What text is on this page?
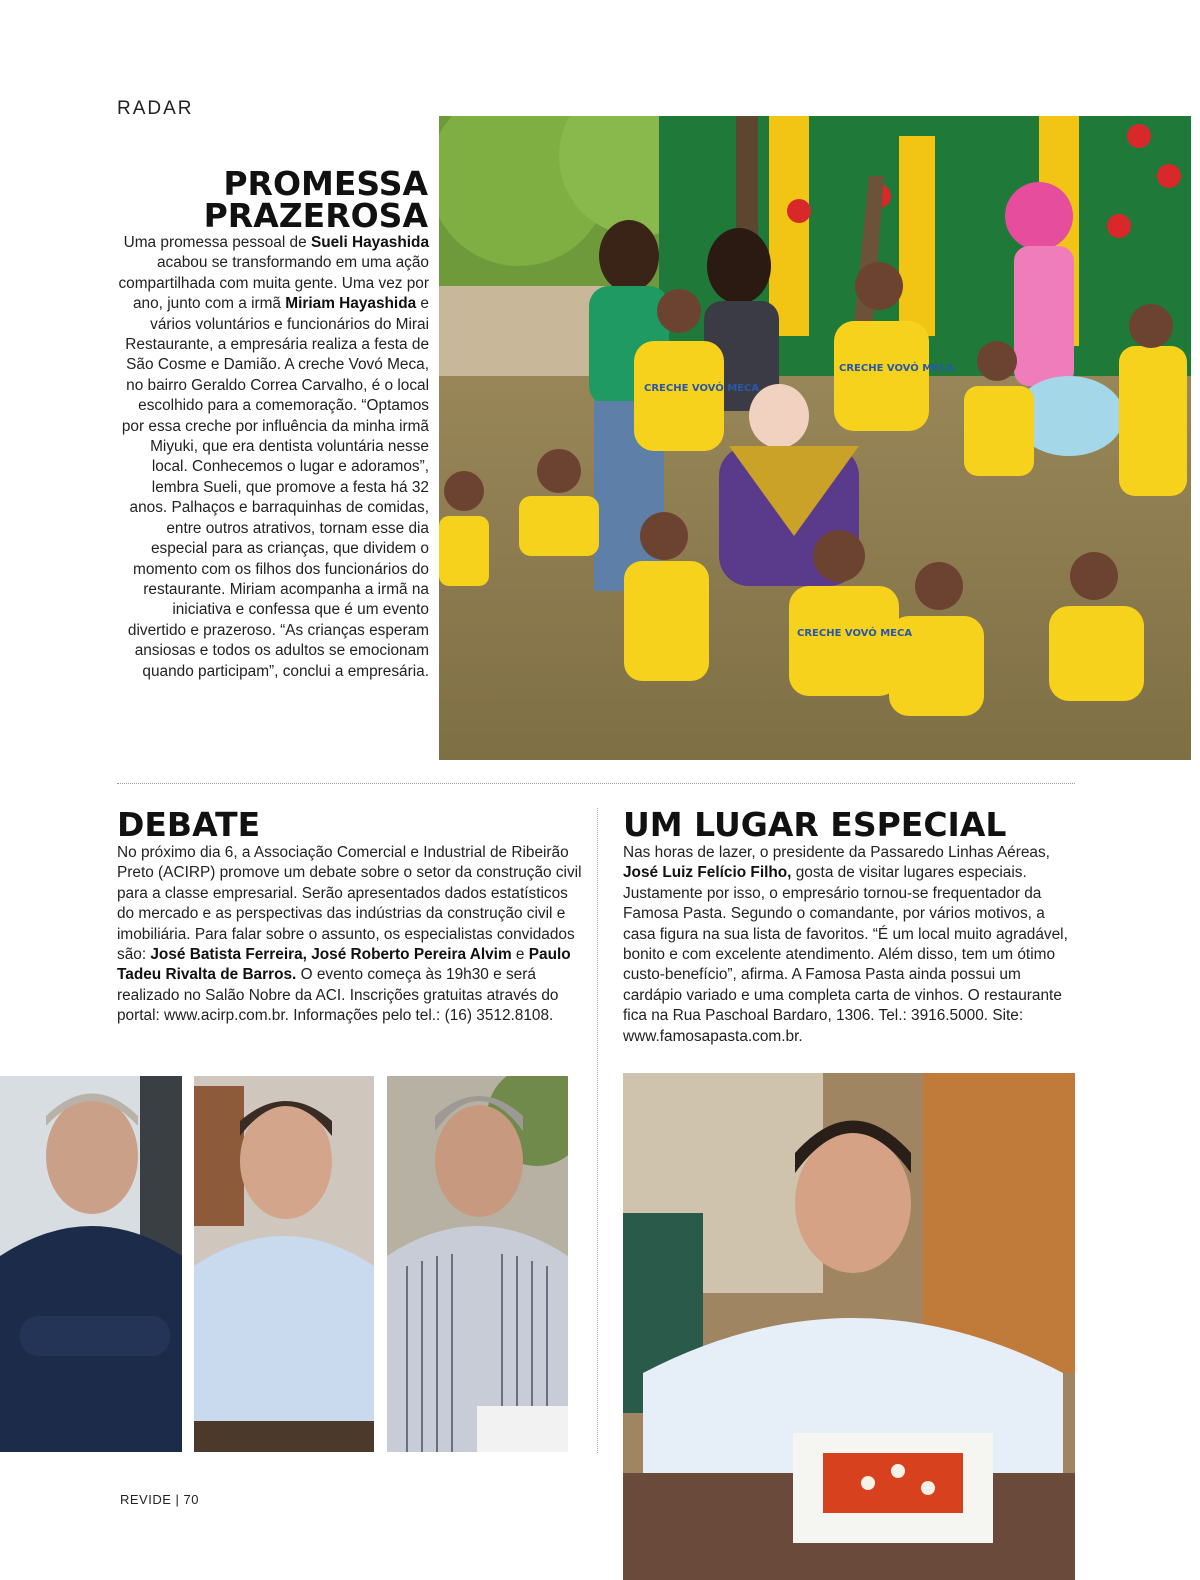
RADAR
PROMESSA
PRAZEROSA
Uma promessa pessoal de Sueli Hayashida acabou se transformando em uma ação compartilhada com muita gente. Uma vez por ano, junto com a irmã Miriam Hayashida e vários voluntários e funcionários do Mirai Restaurante, a empresária realiza a festa de São Cosme e Damião. A creche Vovó Meca, no bairro Geraldo Correa Carvalho, é o local escolhido para a comemoração. “Optamos por essa creche por influência da minha irmã Miyuki, que era dentista voluntária nesse local. Conhecemos o lugar e adoramos”, lembra Sueli, que promove a festa há 32 anos. Palhaços e barraquinhas de comidas, entre outros atrativos, tornam esse dia especial para as crianças, que dividem o momento com os filhos dos funcionários do restaurante. Miriam acompanha a irmã na iniciativa e confessa que é um evento divertido e prazeroso. “As crianças esperam ansiosas e todos os adultos se emocionam quando participam”, conclui a empresária.
CRECHE VOVÓ MECA
CRECHE VOVÓ MECA
CRECHE VOVÓ MECA
DEBATE
No próximo dia 6, a Associação Comercial e Industrial de Ribeirão Preto (ACIRP) promove um debate sobre o setor da construção civil para a classe empresarial. Serão apresentados dados estatísticos do mercado e as perspectivas das indústrias da construção civil e imobiliária. Para falar sobre o assunto, os especialistas convidados são: José Batista Ferreira, José Roberto Pereira Alvim e Paulo Tadeu Rivalta de Barros. O evento começa às 19h30 e será realizado no Salão Nobre da ACI. Inscrições gratuitas através do portal: www.acirp.com.br. Informações pelo tel.: (16) 3512.8108.
UM LUGAR ESPECIAL
Nas horas de lazer, o presidente da Passaredo Linhas Aéreas, José Luiz Felício Filho, gosta de visitar lugares especiais. Justamente por isso, o empresário tornou-se frequentador da Famosa Pasta. Segundo o comandante, por vários motivos, a casa figura na sua lista de favoritos. “É um local muito agradável, bonito e com excelente atendimento. Além disso, tem um ótimo custo-benefício”, afirma. A Famosa Pasta ainda possui um cardápio variado e uma completa carta de vinhos. O restaurante fica na Rua Paschoal Bardaro, 1306. Tel.: 3916.5000. Site: www.famosapasta.com.br.
REVIDE | 70
